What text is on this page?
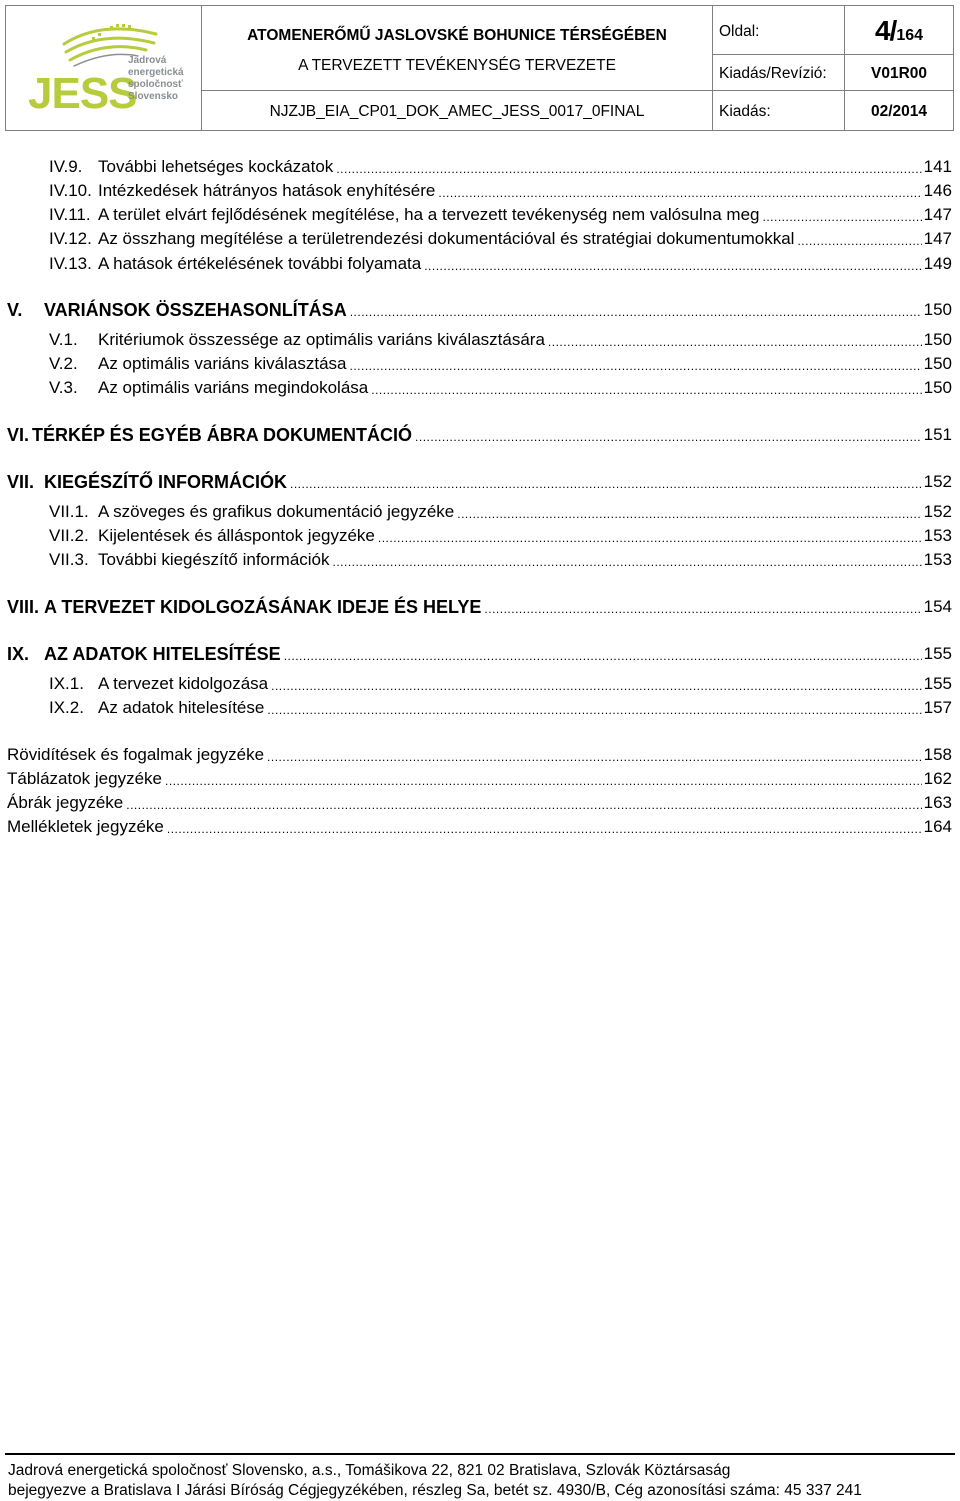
JESS
Jadrová
energetická
spoločnosť
Slovensko
ATOMENERŐMŰ JASLOVSKÉ BOHUNICE TÉRSÉGÉBEN
A TERVEZETT TEVÉKENYSÉG TERVEZETE
NJZJB_EIA_CP01_DOK_AMEC_JESS_0017_0FINAL
Oldal:	4/164
Kiadás/Revízió:	V01R00
Kiadás:	02/2014
IV.9. További lehetséges kockázatok .....	141
IV.10. Intézkedések hátrányos hatások enyhítésére .....	146
IV.11. A terület elvárt fejlődésének megítélése, ha a tervezett tevékenység nem valósulna meg .....	147
IV.12. Az összhang megítélése a területrendezési dokumentációval és stratégiai dokumentumokkal .....	147
IV.13. A hatások értékelésének további folyamata .....	149
V.	VARIÁNSOK ÖSSZEHASONLÍTÁSA .....	150
V.1.	Kritériumok összessége az optimális variáns kiválasztására .....	150
V.2.	Az optimális variáns kiválasztása .....	150
V.3.	Az optimális variáns megindokolása .....	150
VI. TÉRKÉP ÉS EGYÉB ÁBRA DOKUMENTÁCIÓ .....	151
VII. KIEGÉSZÍTŐ INFORMÁCIÓK .....	152
VII.1. A szöveges és grafikus dokumentáció jegyzéke .....	152
VII.2. Kijelentések és álláspontok jegyzéke .....	153
VII.3. További kiegészítő információk .....	153
VIII. A TERVEZET KIDOLGOZÁSÁNAK IDEJE ÉS HELYE .....	154
IX. AZ ADATOK HITELESÍTÉSE .....	155
IX.1. A tervezet kidolgozása .....	155
IX.2. Az adatok hitelesítése .....	157
Rövidítések és fogalmak jegyzéke .....	158
Táblázatok jegyzéke .....	162
Ábrák jegyzéke .....	163
Mellékletek jegyzéke .....	164
Jadrová energetická spoločnosť Slovensko, a.s., Tomášikova 22, 821 02 Bratislava, Szlovák Köztársaság
bejegyezve a Bratislava I Járási Bíróság Cégjegyzékében, részleg Sa, betét sz. 4930/B, Cég azonosítási száma: 45 337 241
